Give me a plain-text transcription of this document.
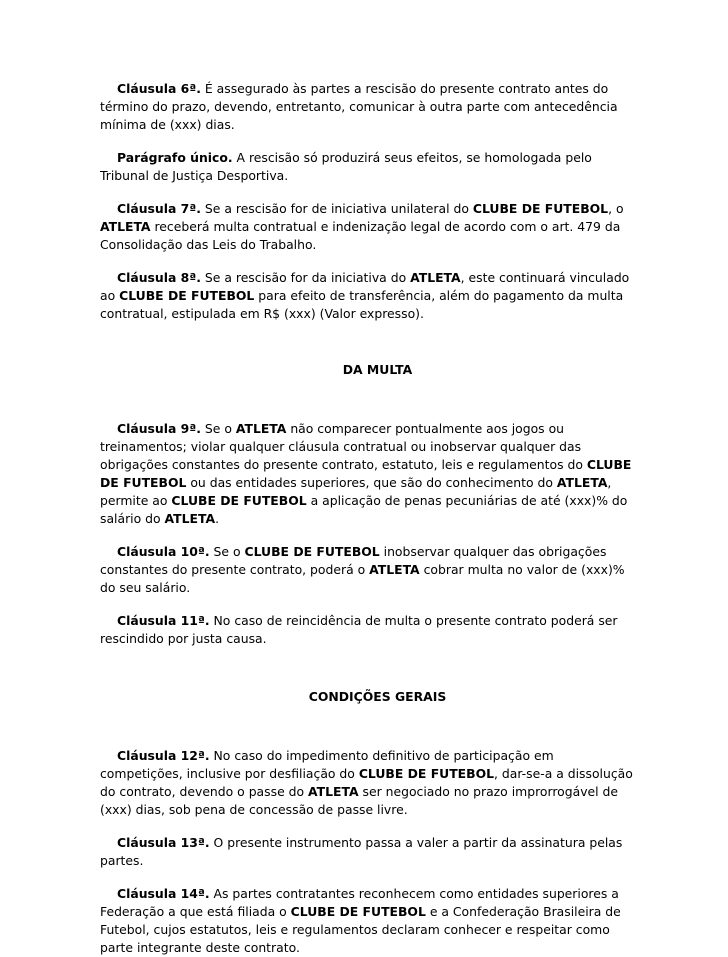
Cláusula 6ª. É assegurado às partes a rescisão do presente contrato antes do

término do prazo, devendo, entretanto, comunicar à outra parte com antecedência

mínima de (xxx) dias.

Parágrafo único. A rescisão só produzirá seus efeitos, se homologada pelo

Tribunal de Justiça Desportiva.

Cláusula 7ª. Se a rescisão for de iniciativa unilateral do CLUBE DE FUTEBOL, o

ATLETA receberá multa contratual e indenização legal de acordo com o art. 479 da

Consolidação das Leis do Trabalho.

Cláusula 8ª. Se a rescisão for da iniciativa do ATLETA, este continuará vinculado

ao CLUBE DE FUTEBOL para efeito de transferência, além do pagamento da multa

contratual, estipulada em R$ (xxx) (Valor expresso).

DA MULTA

Cláusula 9ª. Se o ATLETA não comparecer pontualmente aos jogos ou

treinamentos; violar qualquer cláusula contratual ou inobservar qualquer das

obrigações constantes do presente contrato, estatuto, leis e regulamentos do CLUBE

DE FUTEBOL ou das entidades superiores, que são do conhecimento do ATLETA,

permite ao CLUBE DE FUTEBOL a aplicação de penas pecuniárias de até (xxx)% do

salário do ATLETA.

Cláusula 10ª. Se o CLUBE DE FUTEBOL inobservar qualquer das obrigações

constantes do presente contrato, poderá o ATLETA cobrar multa no valor de (xxx)%

do seu salário.

Cláusula 11ª. No caso de reincidência de multa o presente contrato poderá ser

rescindido por justa causa.

CONDIÇÕES GERAIS

Cláusula 12ª. No caso do impedimento definitivo de participação em

competições, inclusive por desfiliação do CLUBE DE FUTEBOL, dar-se-a a dissolução

do contrato, devendo o passe do ATLETA ser negociado no prazo improrrogável de

(xxx) dias, sob pena de concessão de passe livre.

Cláusula 13ª. O presente instrumento passa a valer a partir da assinatura pelas

partes.

Cláusula 14ª. As partes contratantes reconhecem como entidades superiores a

Federação a que está filiada o CLUBE DE FUTEBOL e a Confederação Brasileira de

Futebol, cujos estatutos, leis e regulamentos declaram conhecer e respeitar como

parte integrante deste contrato.
